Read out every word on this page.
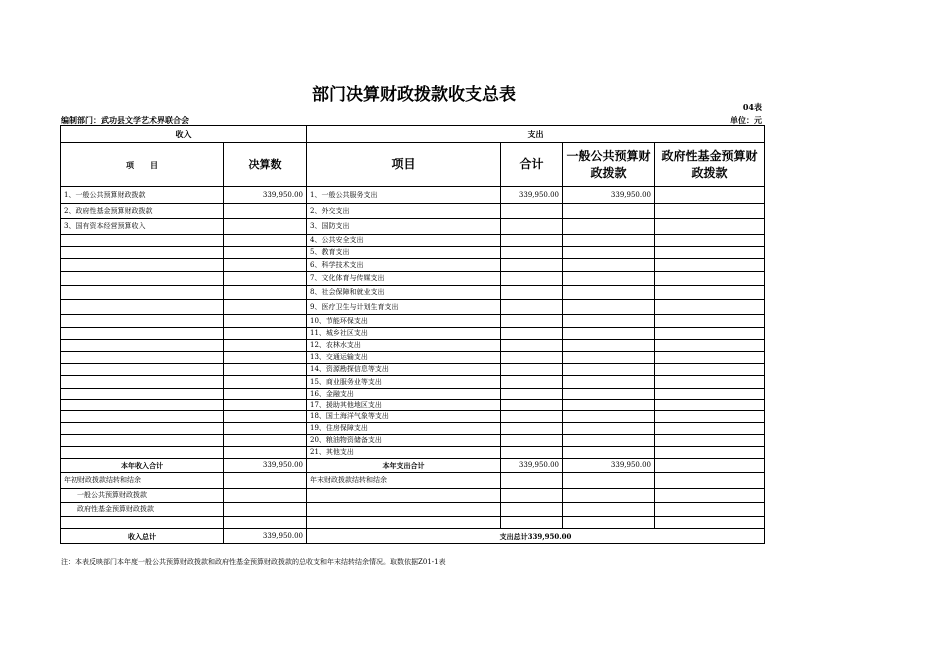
部门决算财政拨款收支总表
04表
编制部门：武功县文学艺术界联合会	单位：元
收入		支出			
项　　目	决算数	项目	合计	一般公共预算财政拨款	政府性基金预算财政拨款
1、一般公共预算财政拨款	339,950.00	1、一般公共服务支出	339,950.00	339,950.00	
2、政府性基金预算财政拨款		2、外交支出			
3、国有资本经营预算收入		3、国防支出			
		4、公共安全支出			
		5、教育支出			
		6、科学技术支出			
		7、文化体育与传媒支出			
		8、社会保障和就业支出			
		9、医疗卫生与计划生育支出			
		10、节能环保支出			
		11、城乡社区支出			
		12、农林水支出			
		13、交通运输支出			
		14、资源勘探信息等支出			
		15、商业服务业等支出			
		16、金融支出			
		17、援助其他地区支出			
		18、国土海洋气象等支出			
		19、住房保障支出			
		20、粮油物资储备支出			
		21、其他支出			
本年收入合计	339,950.00	本年支出合计	339,950.00	339,950.00	
年初财政拨款结转和结余		年末财政拨款结转和结余			
一般公共预算财政拨款					
政府性基金预算财政拨款					

收入总计	339,950.00	支出总计339,950.00			
注：本表反映部门本年度一般公共预算财政拨款和政府性基金预算财政拨款的总收支和年末结转结余情况。取数依据Z01-1表
